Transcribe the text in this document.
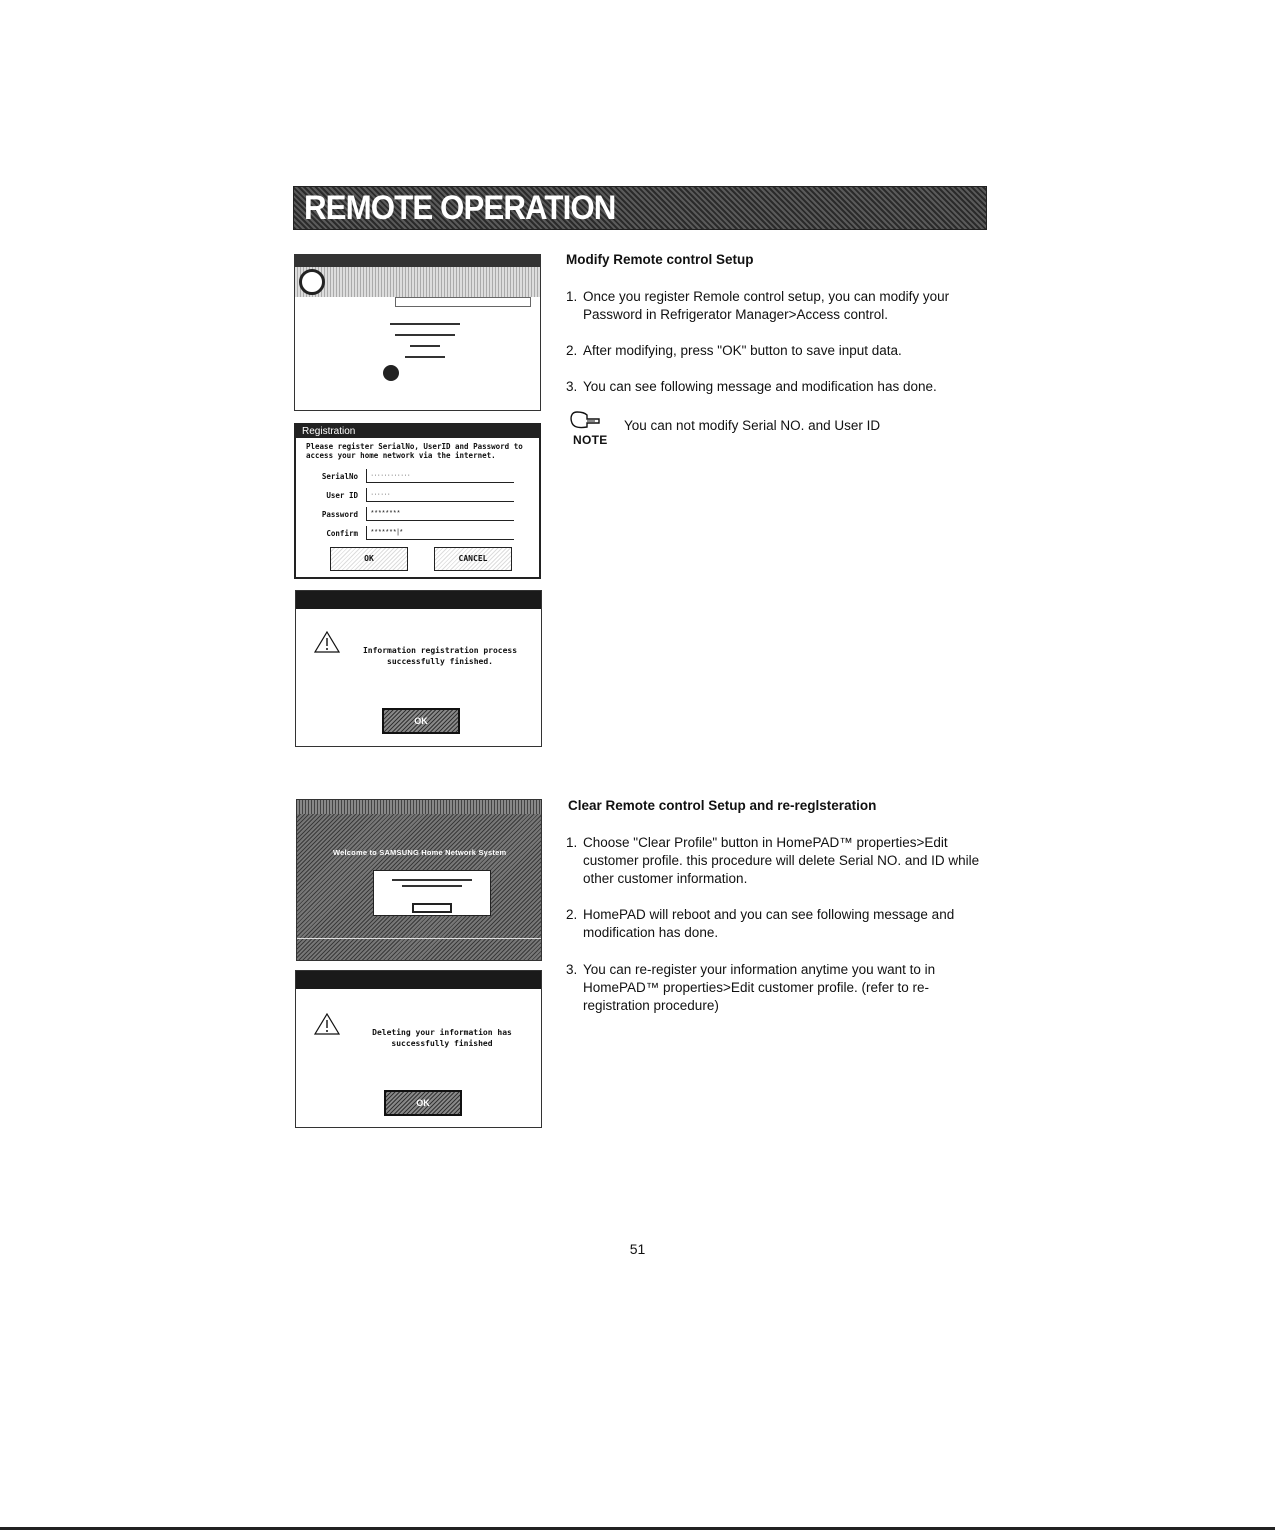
REMOTE OPERATION
Registration
Please register SerialNo, UserID and Password to access your home network via the internet.
SerialNo	············
User ID	······
Password	********
Confirm	*******|*
OK	CANCEL
Information registration process successfully finished.
OK
Welcome to SAMSUNG Home Network System
Deleting your information has successfully finished
OK
Modify Remote control Setup
1. Once you register Remole control setup, you can modify your Password in Refrigerator Manager>Access control.
2. After modifying, press "OK" button to save input data.
3. You can see following message and modification has done.
NOTE
You can not modify Serial NO. and User ID
Clear Remote control Setup and re-reglsteration
1. Choose "Clear Profile" button in HomePAD™ properties>Edit customer profile. this procedure will delete Serial NO. and ID while other customer information.
2. HomePAD will reboot and you can see following message and modification has done.
3. You can re-register your information anytime you want to in HomePAD™ properties>Edit customer profile. (refer to re-registration procedure)
51
